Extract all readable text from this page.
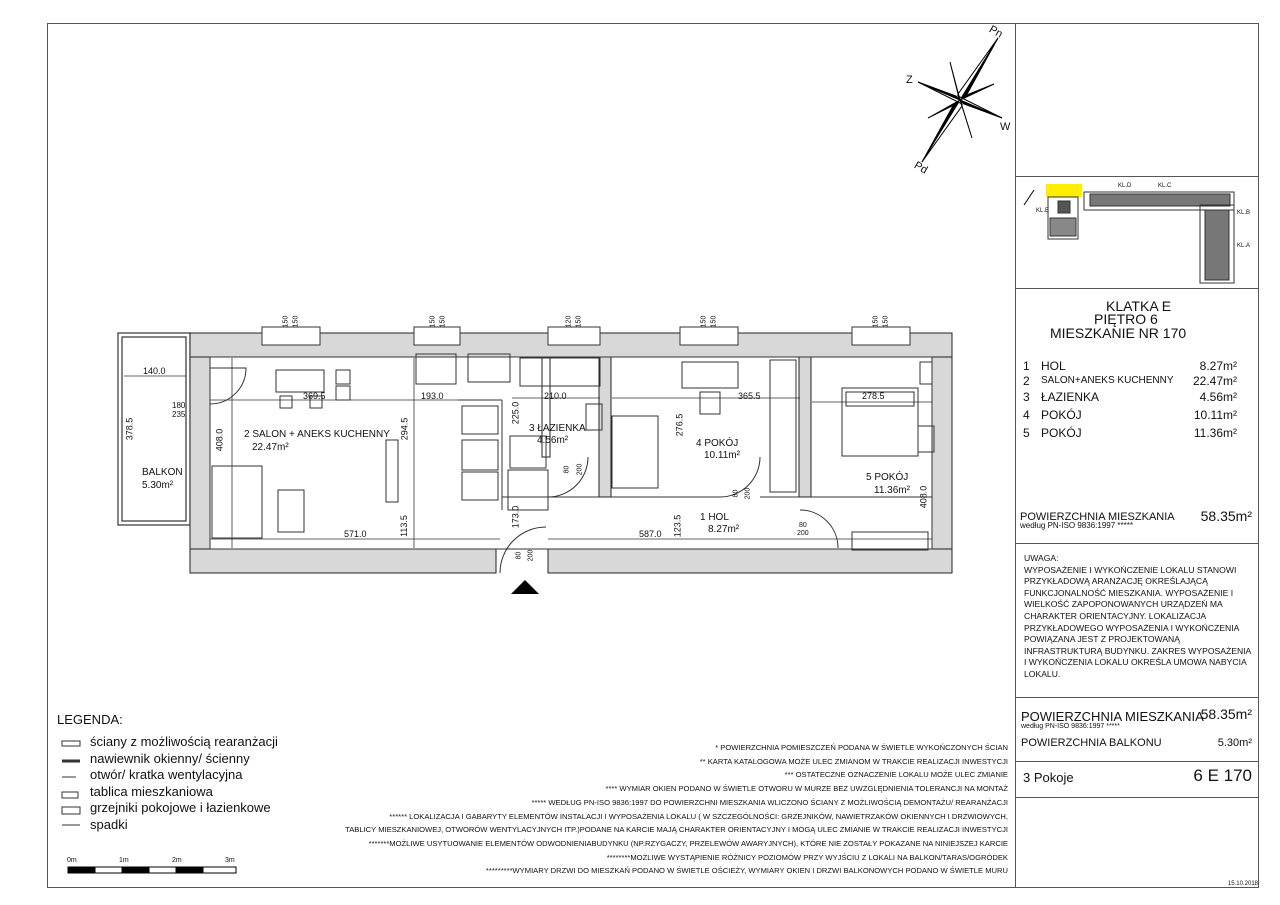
Pn
Z
W
Pd
KL.D	KL.C
KL.B
KL.E
KL.A
KLATKA E
PIĘTRO 6
MIESZKANIE NR 170
1 HOL	8.27m²
2 SALON+ANEKS KUCHENNY 22.47m²
3 ŁAZIENKA	4.56m²
4 POKÓJ	10.11m²
5 POKÓJ	11.36m²
POWIERZCHNIA MIESZKANIA
według PN-ISO 9836:1997 *****
58.35m²
UWAGA:
WYPOSAŻENIE I WYKOŃCZENIE LOKALU STANOWI
PRZYKŁADOWĄ ARANŻACJĘ OKREŚLAJĄCĄ
FUNKCJONALNOŚĆ MIESZKANIA. WYPOSAŻENIE I
WIELKOŚĆ ZAPOPONOWANYCH URZĄDZEŃ MA
CHARAKTER ORIENTACYJNY. LOKALIZACJA
PRZYKŁADOWEGO WYPOSAŻENIA I WYKOŃCZENIA
POWIĄZANA JEST Z PROJEKTOWANĄ
INFRASTRUKTURĄ BUDYNKU. ZAKRES WYPOSAŻENIA
I WYKOŃCZENIA LOKALU OKREŚLA UMOWA NABYCIA
LOKALU.
POWIERZCHNIA MIESZKANIA
58.35m²
według PN-ISO 9836:1997 *****
POWIERZCHNIA BALKONU	5.30m²
3 Pokoje	6 E 170
15.10.2018
BALKON
5.30m²
2 SALON + ANEKS KUCHENNY
22.47m²
3 ŁAZIENKA
4.56m²	4 POKÓJ
10.11m²
5 POKÓJ
11.36m²
1 HOL
8.27m²
140.0
378.5
180
235
408.0
369.5	193.0
294.5
210.0
225.0
276.5
365.5	278.5
408.0
571.0	113.5	173.0
587.0 123.5
150 150	150 150	120 150	150 150	150 150
80 200
80 200
80
200
80 200
LEGENDA:
ściany z możliwością rearanżacji
nawiewnik okienny/ ścienny
otwór/ kratka wentylacyjna
tablica mieszkaniowa
grzejniki pokojowe i łazienkowe
spadki
0m	1m	2m	3m
* POWIERZCHNIA POMIESZCZEŃ PODANA W ŚWIETLE WYKOŃCZONYCH ŚCIAN
** KARTA KATALOGOWA MOŻE ULEC ZMIANOM W TRAKCIE REALIZACJI INWESTYCJI
*** OSTATECZNE OZNACZENIE LOKALU MOŻE ULEC ZMIANIE
**** WYMIAR OKIEN PODANO W ŚWIETLE OTWORU W MURZE BEZ UWZGLĘDNIENIA TOLERANCJI NA MONTAŻ
***** WEDŁUG PN-ISO 9836:1997 DO POWIERZCHNI MIESZKANIA WLICZONO ŚCIANY Z MOŻLIWOŚCIĄ DEMONTAŻU/ REARANŻACJI
****** LOKALIZACJA I GABARYTY ELEMENTÓW INSTALACJI I WYPOSAŻENIA LOKALU ( W SZCZEGÓLNOŚCI: GRZEJNIKÓW, NAWIETRZAKÓW OKIENNYCH I DRZWIOWYCH,
TABLICY MIESZKANIOWEJ, OTWORÓW WENTYLACYJNYCH ITP.)PODANE NA KARCIE MAJĄ CHARAKTER ORIENTACYJNY I MOGĄ ULEC ZMIANIE W TRAKCIE REALIZACJI INWESTYCJI
*******MOŻLIWE USYTUOWANIE ELEMENTÓW ODWODNIENIABUDYNKU (NP.RZYGACZY, PRZELEWÓW AWARYJNYCH), KTÓRE NIE ZOSTAŁY POKAZANE NA NINIEJSZEJ KARCIE
********MOŻLIWE WYSTĄPIENIE RÓŻNICY POZIOMÓW PRZY WYJŚCIU Z LOKALI NA BALKON/TARAS/OGRÓDEK
*********WYMIARY DRZWI DO MIESZKAŃ PODANO W ŚWIETLE OŚCIEŻY, WYMIARY OKIEN I DRZWI BALKONOWYCH PODANO W ŚWIETLE MURU
